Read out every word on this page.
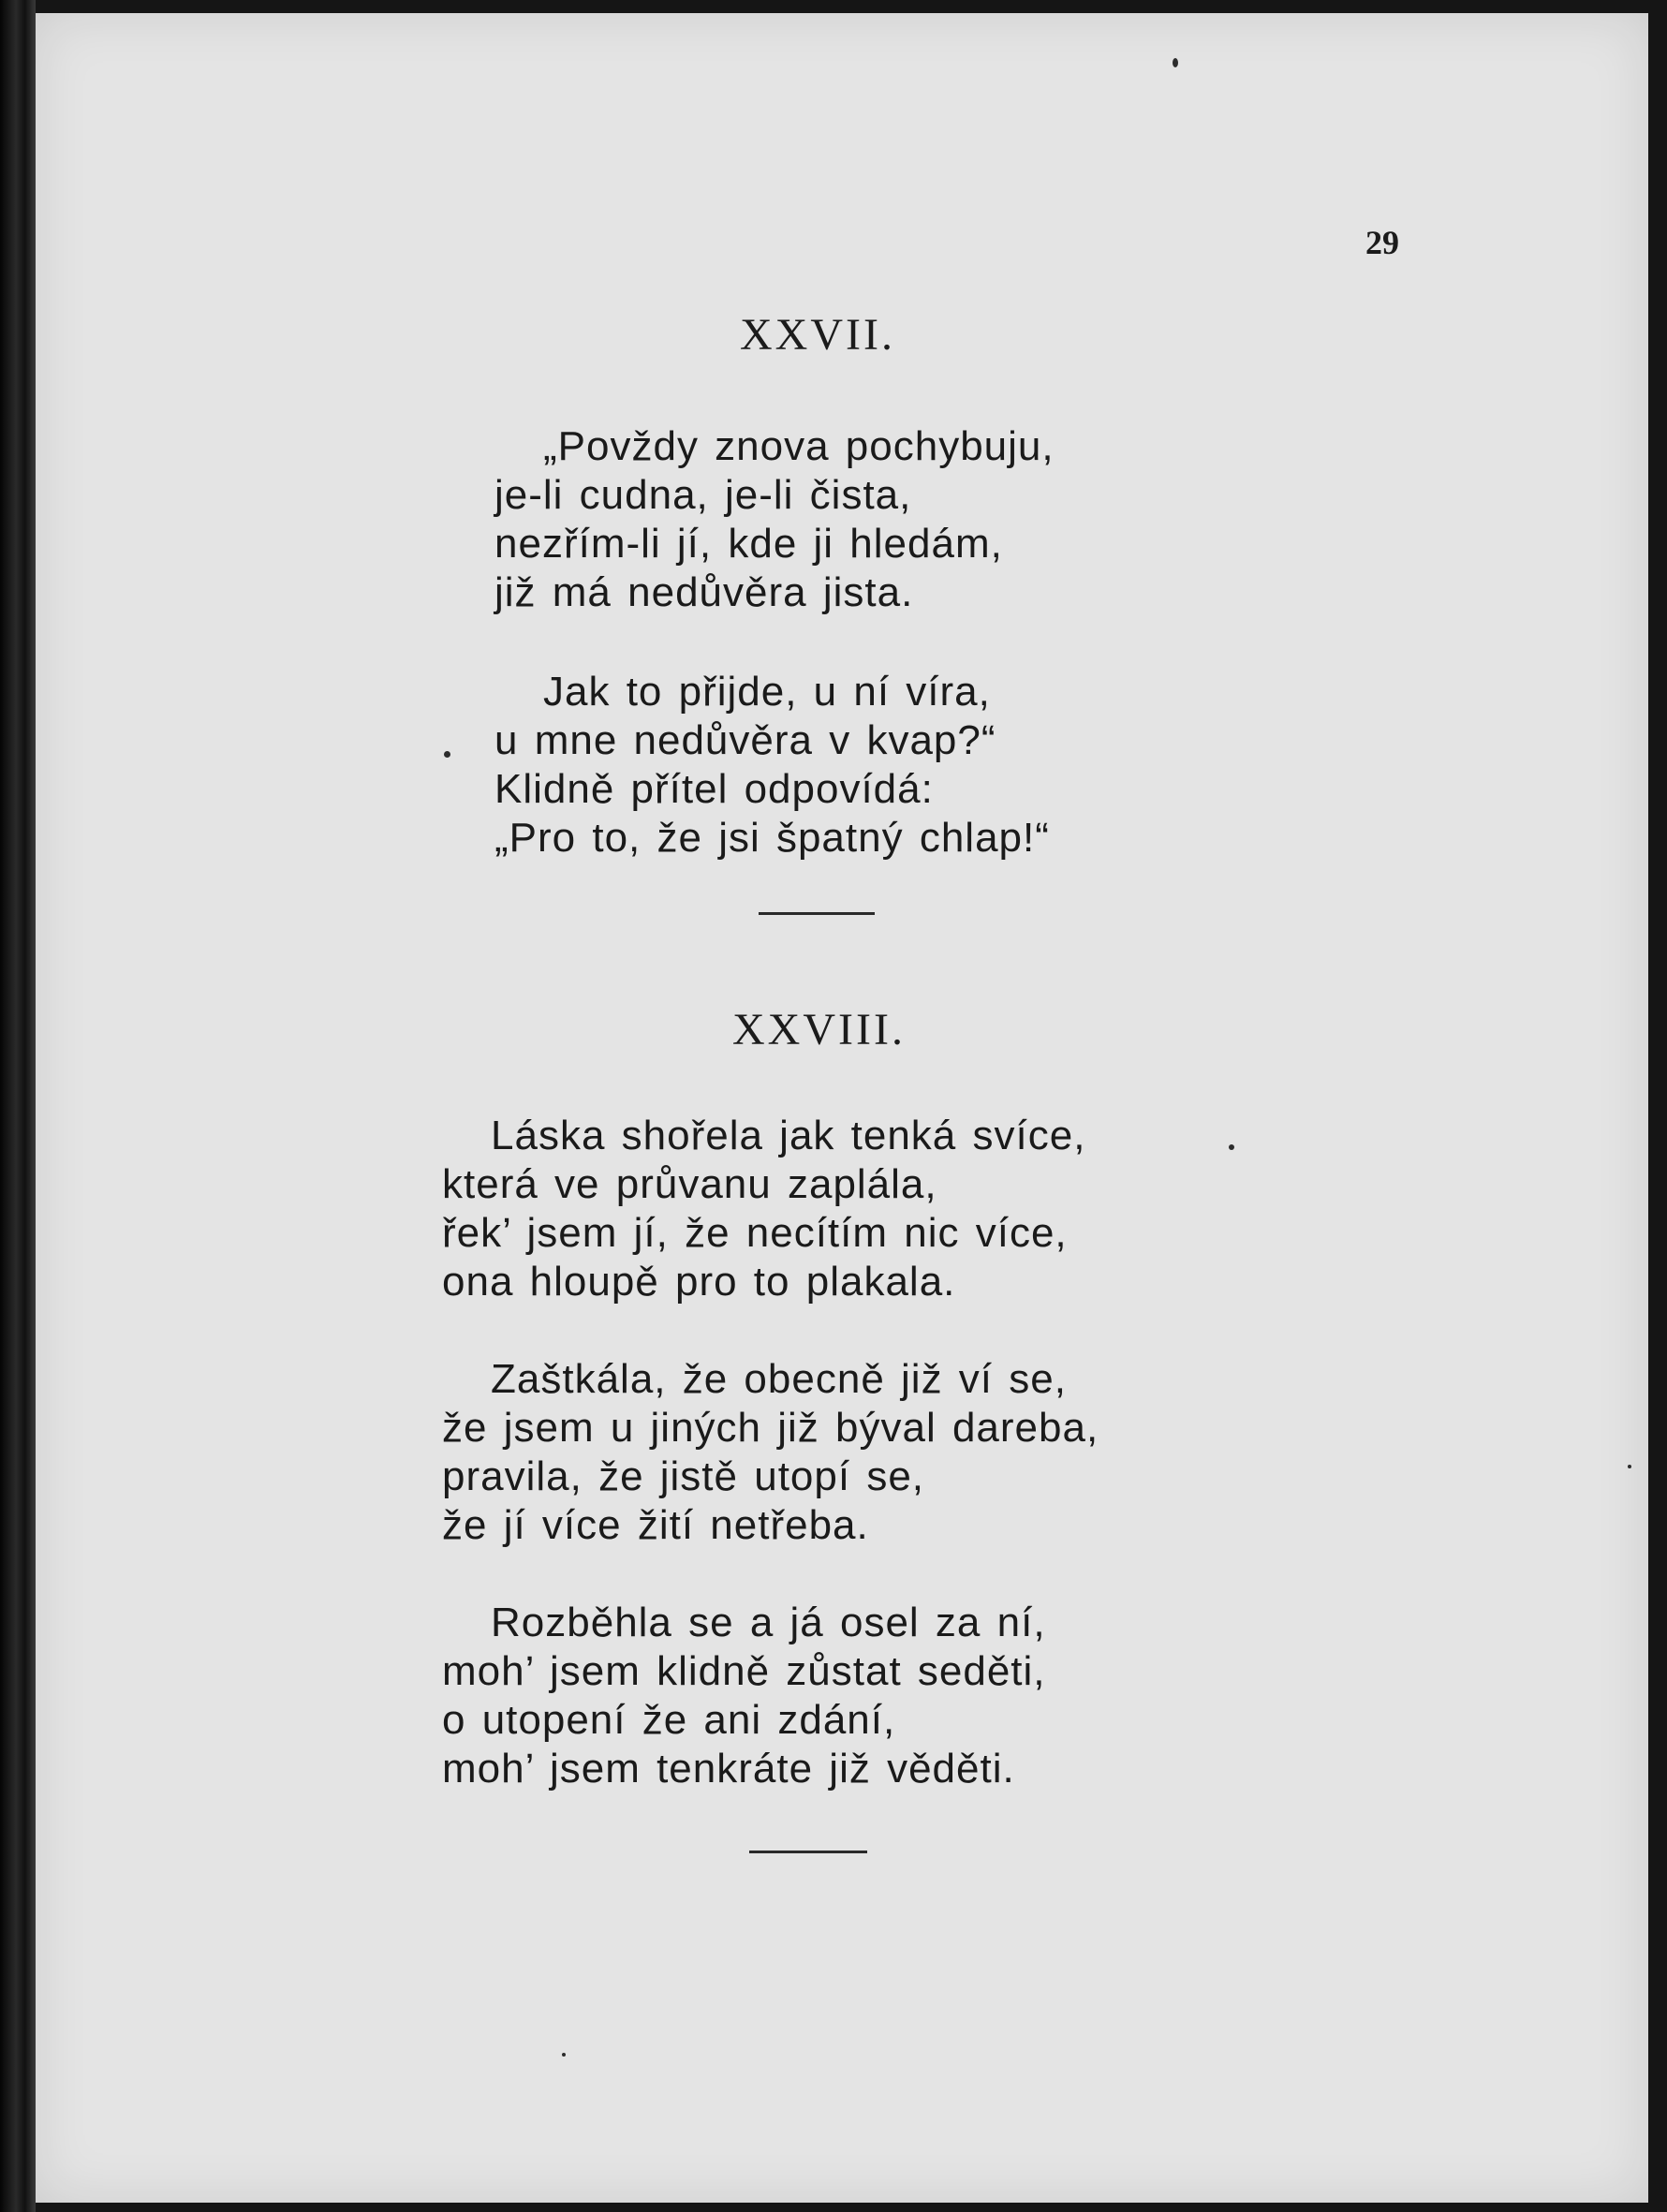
29
XXVII.
„Povždy znova pochybuju,
je-li cudna, je-li čista,
nezřím-li jí, kde ji hledám,
již má nedůvěra jista.
Jak to přijde, u ní víra,
u mne nedůvěra v kvap?“
Klidně přítel odpovídá:
„Pro to, že jsi špatný chlap!“
XXVIII.
Láska shořela jak tenká svíce,
která ve průvanu zaplála,
řek’ jsem jí, že necítím nic více,
ona hloupě pro to plakala.
Zaštkála, že obecně již ví se,
že jsem u jiných již býval dareba,
pravila, že jistě utopí se,
že jí více žití netřeba.
Rozběhla se a já osel za ní,
moh’ jsem klidně zůstat seděti,
o utopení že ani zdání,
moh’ jsem tenkráte již věděti.
